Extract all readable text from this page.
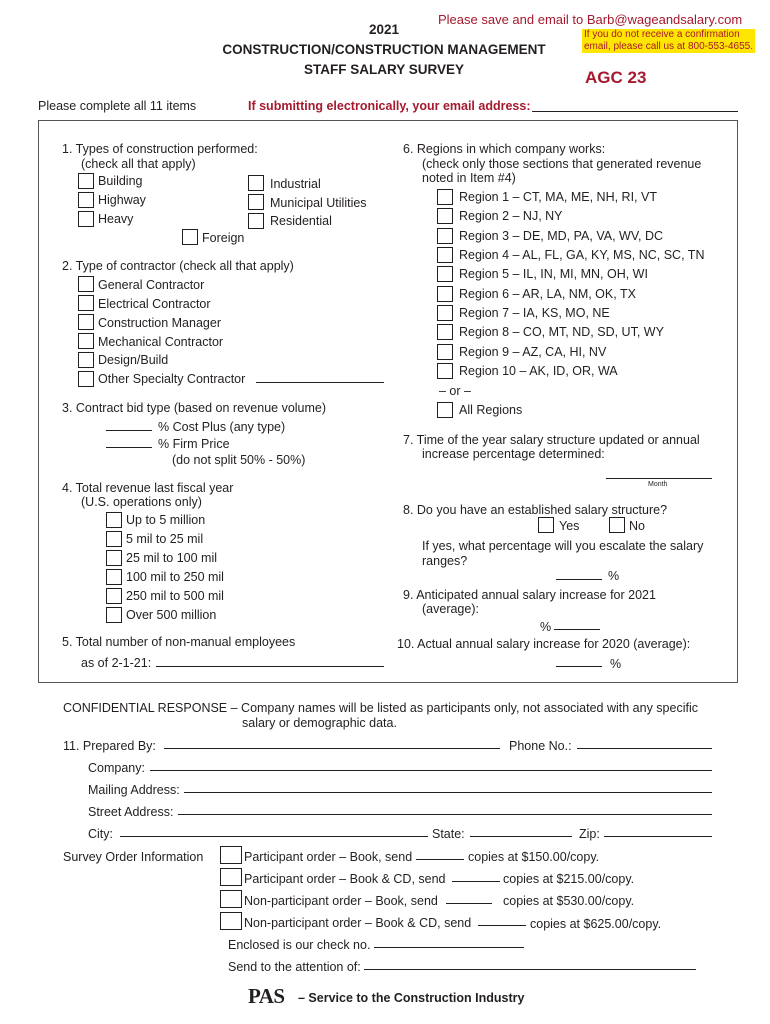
Please save and email to Barb@wageandsalary.com
If you do not receive a confirmation
email, please call us at 800-553-4655.
2021
CONSTRUCTION/CONSTRUCTION MANAGEMENT
STAFF SALARY SURVEY	AGC 23
Please complete all 11 items	If submitting electronically, your email address:
1. Types of construction performed:
(check all that apply)
Building
Highway
Heavy
Industrial
Municipal Utilities
Residential
Foreign
2. Type of contractor (check all that apply)
General Contractor
Electrical Contractor
Construction Manager
Mechanical Contractor
Design/Build
Other Specialty Contractor
3. Contract bid type (based on revenue volume)
% Cost Plus (any type)
% Firm Price
(do not split 50% - 50%)
4. Total revenue last fiscal year
(U.S. operations only)
Up to 5 million
5 mil to 25 mil
25 mil to 100 mil
100 mil to 250 mil
250 mil to 500 mil
Over 500 million
5. Total number of non-manual employees
as of 2-1-21:
6. Regions in which company works:
(check only those sections that generated revenue
noted in Item #4)
Region 1 – CT, MA, ME, NH, RI, VT
Region 2 – NJ, NY
Region 3 – DE, MD, PA, VA, WV, DC
Region 4 – AL, FL, GA, KY, MS, NC, SC, TN
Region 5 – IL, IN, MI, MN, OH, WI
Region 6 – AR, LA, NM, OK, TX
Region 7 – IA, KS, MO, NE
Region 8 – CO, MT, ND, SD, UT, WY
Region 9 – AZ, CA, HI, NV
Region 10 – AK, ID, OR, WA
– or –
All Regions
7. Time of the year salary structure updated or annual
increase percentage determined:
Month
8. Do you have an established salary structure?
Yes	No
If yes, what percentage will you escalate the salary
ranges?
%
9. Anticipated annual salary increase for 2021
(average):
%
10. Actual annual salary increase for 2020 (average):
%
CONFIDENTIAL RESPONSE – Company names will be listed as participants only, not associated with any specific
salary or demographic data.
11. Prepared By:	Phone No.:
Company:
Mailing Address:
Street Address:
City:	State:	Zip:
Survey Order Information	Participant order – Book, send	copies at $150.00/copy.
Participant order – Book & CD, send	copies at $215.00/copy.
Non-participant order – Book, send	copies at $530.00/copy.
Non-participant order – Book & CD, send	copies at $625.00/copy.
Enclosed is our check no.
Send to the attention of:
PAS – Service to the Construction Industry
